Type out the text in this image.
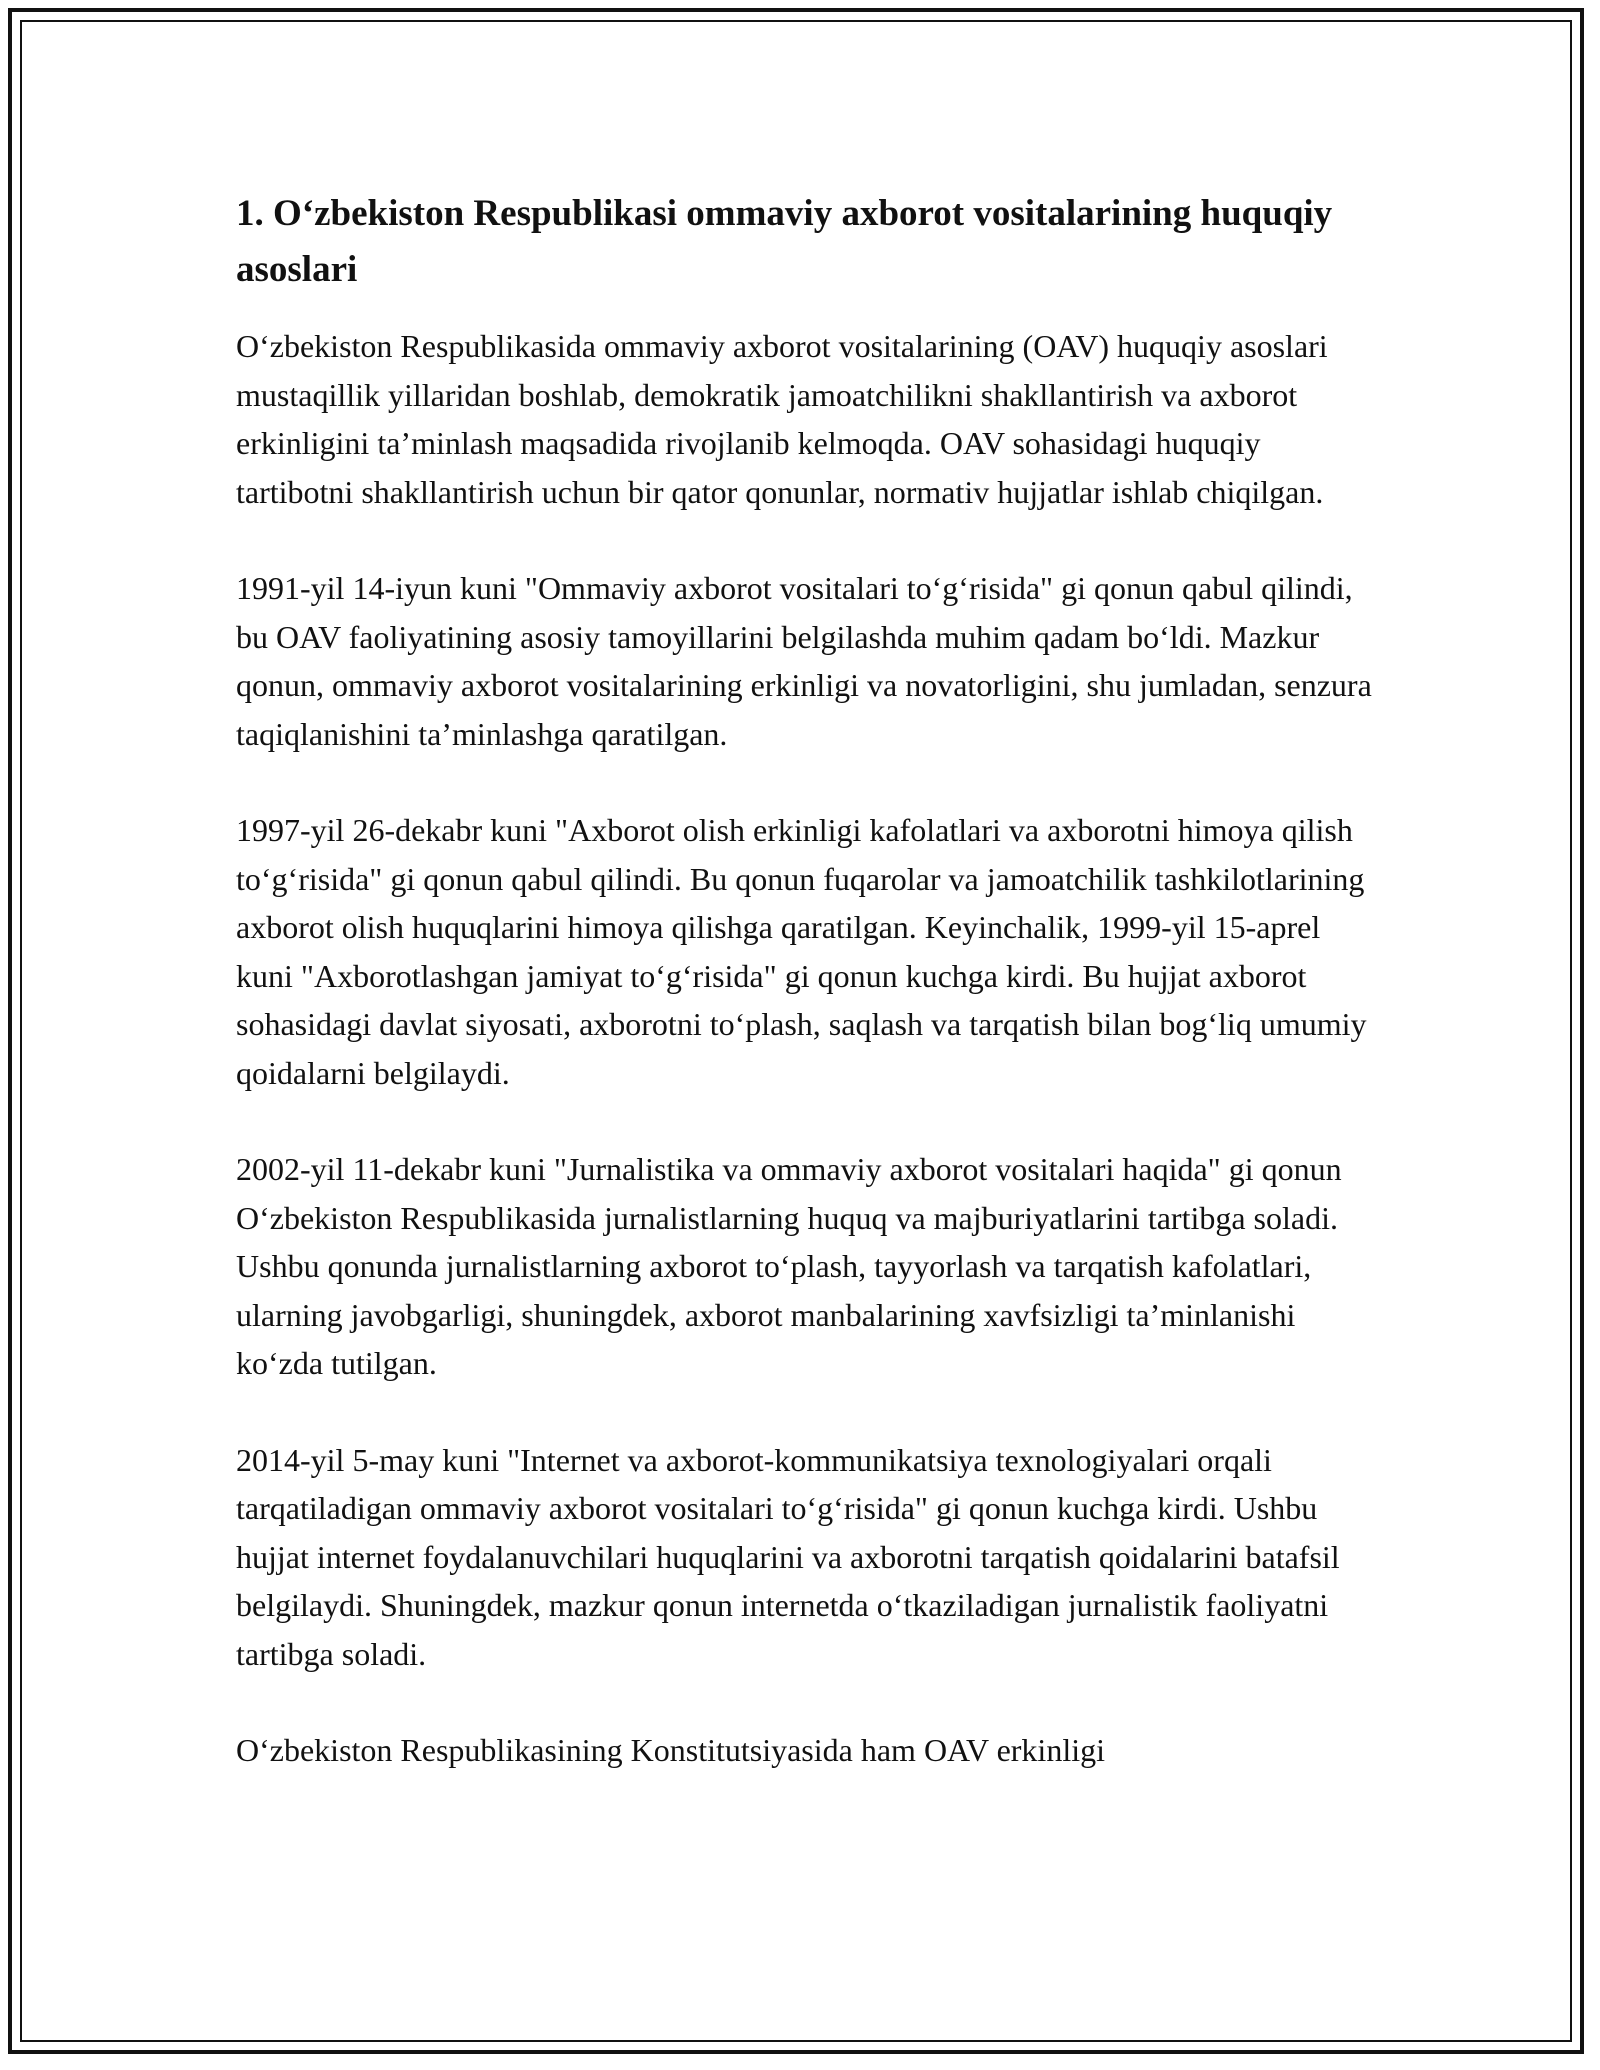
1. O‘zbekiston Respublikasi ommaviy axborot vositalarining huquqiy asoslari

O‘zbekiston Respublikasida ommaviy axborot vositalarining (OAV) huquqiy asoslari mustaqillik yillaridan boshlab, demokratik jamoatchilikni shakllantirish va axborot erkinligini ta’minlash maqsadida rivojlanib kelmoqda. OAV sohasidagi huquqiy tartibotni shakllantirish uchun bir qator qonunlar, normativ hujjatlar ishlab chiqilgan.

1991-yil 14-iyun kuni "Ommaviy axborot vositalari to‘g‘risida" gi qonun qabul qilindi, bu OAV faoliyatining asosiy tamoyillarini belgilashda muhim qadam bo‘ldi. Mazkur qonun, ommaviy axborot vositalarining erkinligi va novatorligini, shu jumladan, senzura taqiqlanishini ta’minlashga qaratilgan.

1997-yil 26-dekabr kuni "Axborot olish erkinligi kafolatlari va axborotni himoya qilish to‘g‘risida" gi qonun qabul qilindi. Bu qonun fuqarolar va jamoatchilik tashkilotlarining axborot olish huquqlarini himoya qilishga qaratilgan. Keyinchalik, 1999-yil 15-aprel kuni "Axborotlashgan jamiyat to‘g‘risida" gi qonun kuchga kirdi. Bu hujjat axborot sohasidagi davlat siyosati, axborotni to‘plash, saqlash va tarqatish bilan bog‘liq umumiy qoidalarni belgilaydi.

2002-yil 11-dekabr kuni "Jurnalistika va ommaviy axborot vositalari haqida" gi qonun O‘zbekiston Respublikasida jurnalistlarning huquq va majburiyatlarini tartibga soladi. Ushbu qonunda jurnalistlarning axborot to‘plash, tayyorlash va tarqatish kafolatlari, ularning javobgarligi, shuningdek, axborot manbalarining xavfsizligi ta’minlanishi ko‘zda tutilgan.

2014-yil 5-may kuni "Internet va axborot-kommunikatsiya texnologiyalari orqali tarqatiladigan ommaviy axborot vositalari to‘g‘risida" gi qonun kuchga kirdi. Ushbu hujjat internet foydalanuvchilari huquqlarini va axborotni tarqatish qoidalarini batafsil belgilaydi. Shuningdek, mazkur qonun internetda o‘tkaziladigan jurnalistik faoliyatni tartibga soladi.

O‘zbekiston Respublikasining Konstitutsiyasida ham OAV erkinligi
